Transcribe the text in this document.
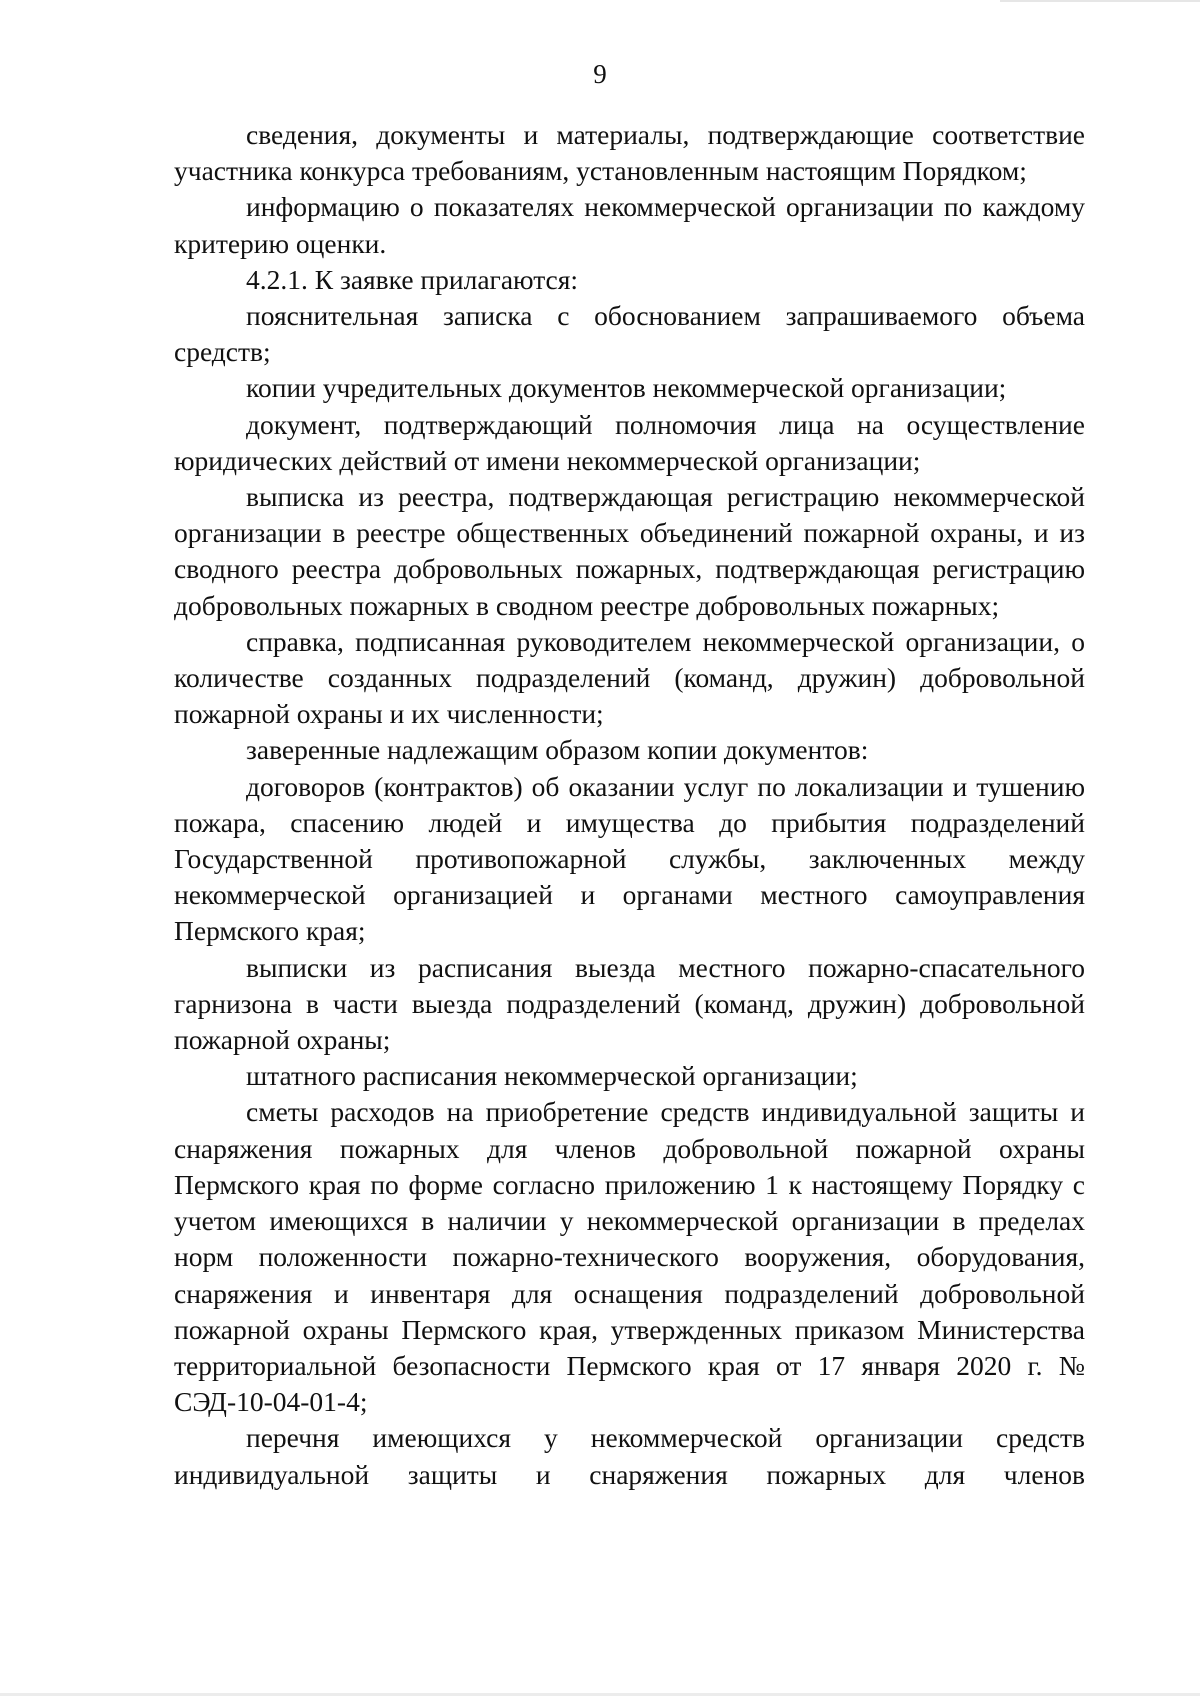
9

сведения, документы и материалы, подтверждающие соответствие участника конкурса требованиям, установленным настоящим Порядком;

информацию о показателях некоммерческой организации по каждому критерию оценки.

4.2.1. К заявке прилагаются:

пояснительная записка с обоснованием запрашиваемого объема средств;

копии учредительных документов некоммерческой организации;

документ, подтверждающий полномочия лица на осуществление юридических действий от имени некоммерческой организации;

выписка из реестра, подтверждающая регистрацию некоммерческой организации в реестре общественных объединений пожарной охраны, и из сводного реестра добровольных пожарных, подтверждающая регистрацию добровольных пожарных в сводном реестре добровольных пожарных;

справка, подписанная руководителем некоммерческой организации, о количестве созданных подразделений (команд, дружин) добровольной пожарной охраны и их численности;

заверенные надлежащим образом копии документов:

договоров (контрактов) об оказании услуг по локализации и тушению пожара, спасению людей и имущества до прибытия подразделений Государственной противопожарной службы, заключенных между некоммерческой организацией и органами местного самоуправления Пермского края;

выписки из расписания выезда местного пожарно-спасательного гарнизона в части выезда подразделений (команд, дружин) добровольной пожарной охраны;

штатного расписания некоммерческой организации;

сметы расходов на приобретение средств индивидуальной защиты и снаряжения пожарных для членов добровольной пожарной охраны Пермского края по форме согласно приложению 1 к настоящему Порядку с учетом имеющихся в наличии у некоммерческой организации в пределах норм положенности пожарно-технического вооружения, оборудования, снаряжения и инвентаря для оснащения подразделений добровольной пожарной охраны Пермского края, утвержденных приказом Министерства территориальной безопасности Пермского края от 17 января 2020 г. № СЭД-10-04-01-4;

перечня имеющихся у некоммерческой организации средств индивидуальной защиты и снаряжения пожарных для членов
